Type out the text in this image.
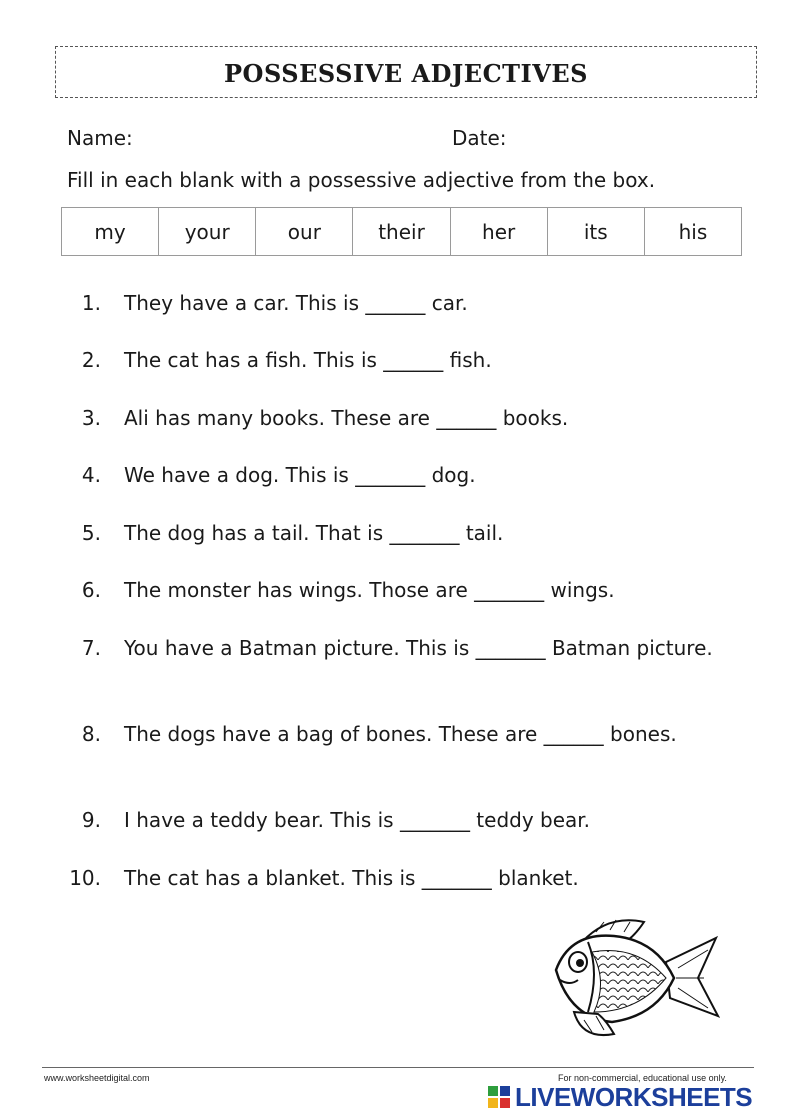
POSSESSIVE ADJECTIVES
Name:	Date:
Fill in each blank with a possessive adjective from the box.
my	your	our	their	her	its	his
1. They have a car. This is ______ car.
2. The cat has a fish. This is ______ fish.
3. Ali has many books. These are ______ books.
4. We have a dog. This is _______ dog.
5. The dog has a tail. That is _______ tail.
6. The monster has wings. Those are _______ wings.
7. You have a Batman picture. This is _______ Batman picture.
8. The dogs have a bag of bones. These are ______ bones.
9. I have a teddy bear. This is _______ teddy bear.
10. The cat has a blanket. This is _______ blanket.
www.worksheetdigital.com	For non-commercial, educational use only.
LIVEWORKSHEETS
